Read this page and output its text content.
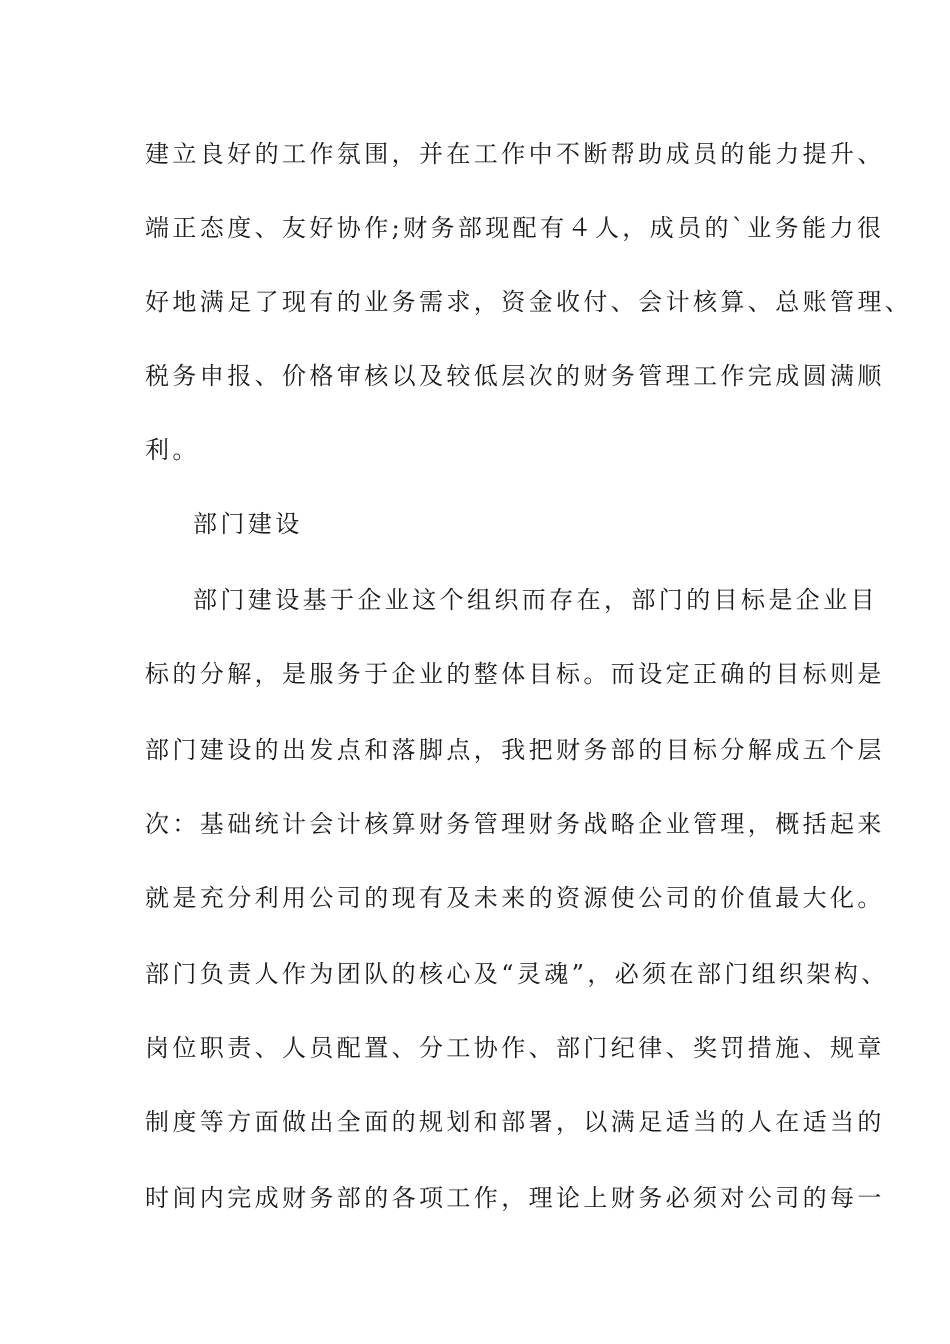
建立良好的工作氛围，并在工作中不断帮助成员的能力提升、
端正态度、友好协作;财务部现配有４人，成员的`业务能力很
好地满足了现有的业务需求，资金收付、会计核算、总账管理、
税务申报、价格审核以及较低层次的财务管理工作完成圆满顺
利。
部门建设
部门建设基于企业这个组织而存在，部门的目标是企业目
标的分解，是服务于企业的整体目标。而设定正确的目标则是
部门建设的出发点和落脚点，我把财务部的目标分解成五个层
次：基础统计会计核算财务管理财务战略企业管理，概括起来
就是充分利用公司的现有及未来的资源使公司的价值最大化。
部门负责人作为团队的核心及“灵魂”，必须在部门组织架构、
岗位职责、人员配置、分工协作、部门纪律、奖罚措施、规章
制度等方面做出全面的规划和部署，以满足适当的人在适当的
时间内完成财务部的各项工作，理论上财务必须对公司的每一
